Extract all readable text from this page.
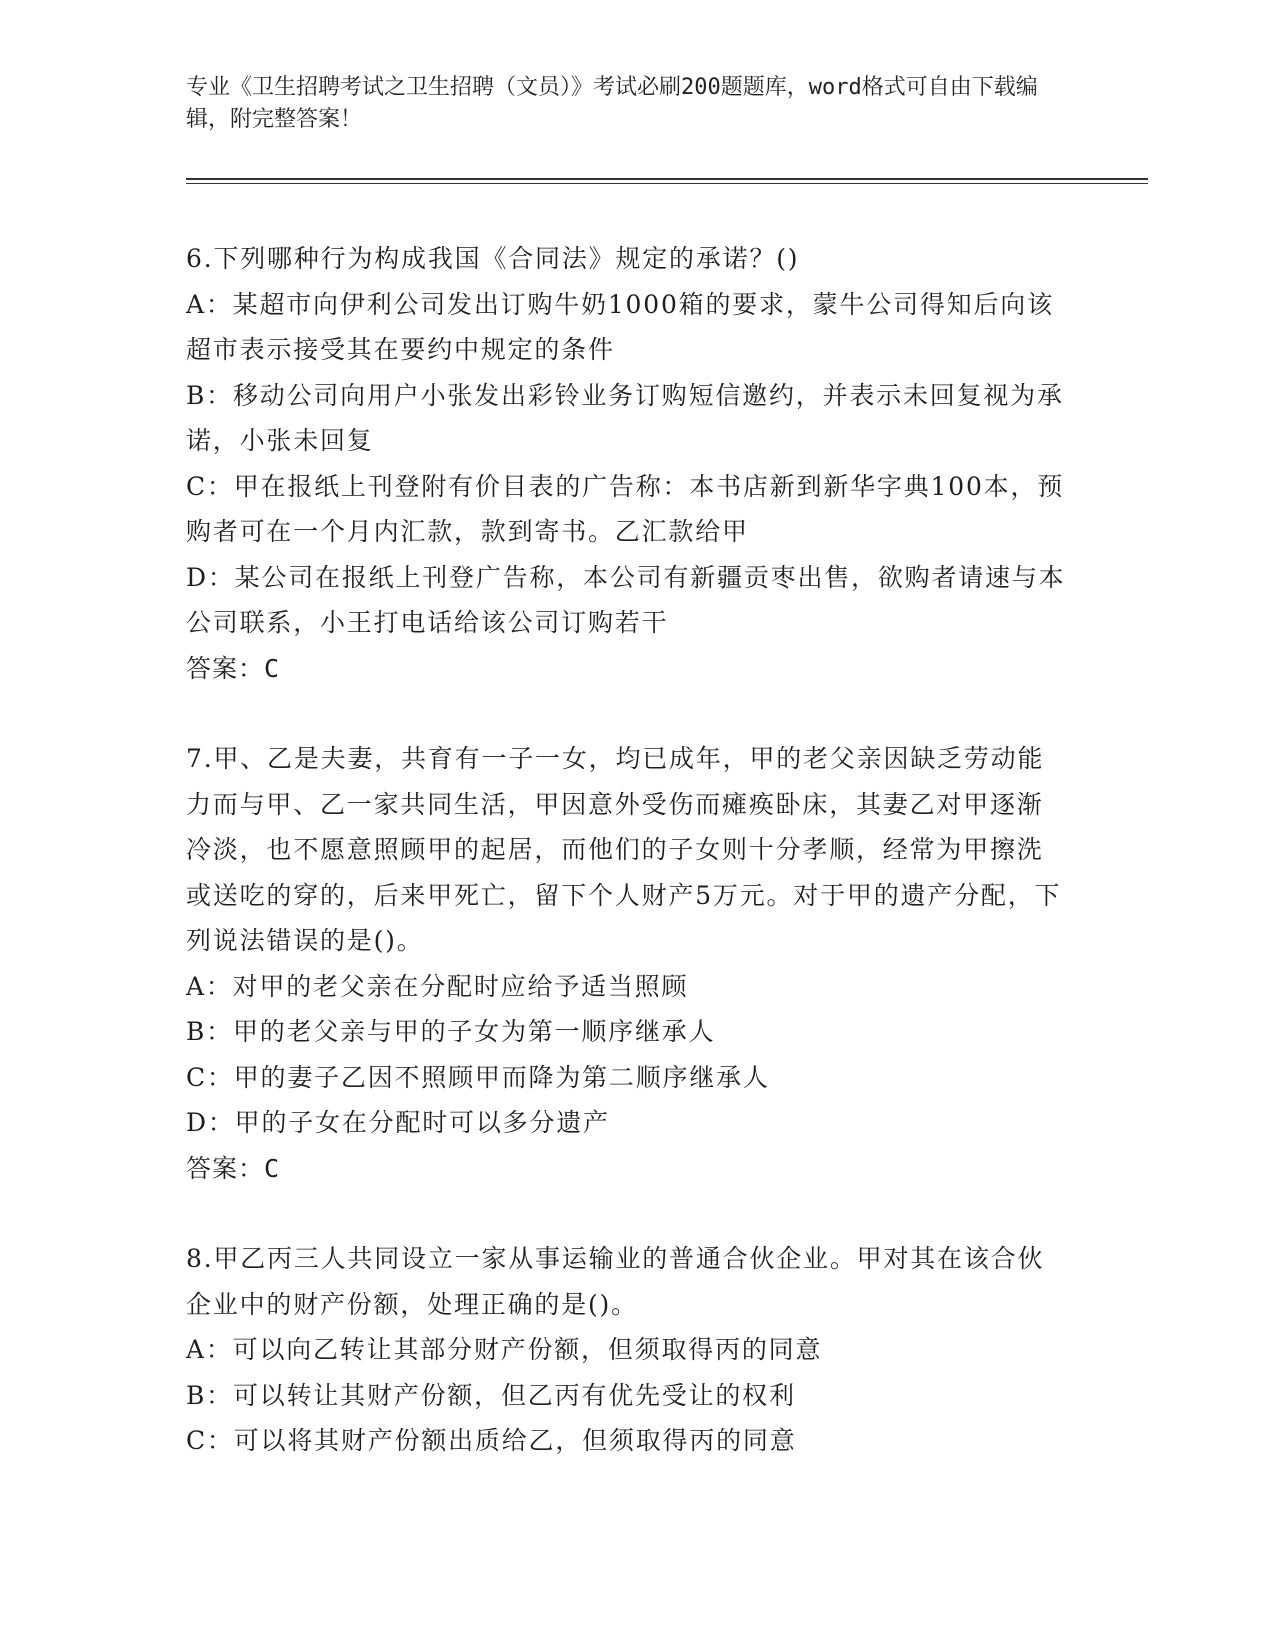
专业《卫生招聘考试之卫生招聘（文员）》考试必刷200题题库，word格式可自由下载编辑，附完整答案！

6.下列哪种行为构成我国《合同法》规定的承诺？()

A：某超市向伊利公司发出订购牛奶1000箱的要求，蒙牛公司得知后向该超市表示接受其在要约中规定的条件

B：移动公司向用户小张发出彩铃业务订购短信邀约，并表示未回复视为承诺，小张未回复

C：甲在报纸上刊登附有价目表的广告称：本书店新到新华字典100本，预购者可在一个月内汇款，款到寄书。乙汇款给甲

D：某公司在报纸上刊登广告称，本公司有新疆贡枣出售，欲购者请速与本公司联系，小王打电话给该公司订购若干

答案：C

7.甲、乙是夫妻，共育有一子一女，均已成年，甲的老父亲因缺乏劳动能力而与甲、乙一家共同生活，甲因意外受伤而瘫痪卧床，其妻乙对甲逐渐冷淡，也不愿意照顾甲的起居，而他们的子女则十分孝顺，经常为甲擦洗或送吃的穿的，后来甲死亡，留下个人财产5万元。对于甲的遗产分配，下列说法错误的是()。

A：对甲的老父亲在分配时应给予适当照顾

B：甲的老父亲与甲的子女为第一顺序继承人

C：甲的妻子乙因不照顾甲而降为第二顺序继承人

D：甲的子女在分配时可以多分遗产

答案：C

8.甲乙丙三人共同设立一家从事运输业的普通合伙企业。甲对其在该合伙企业中的财产份额，处理正确的是()。

A：可以向乙转让其部分财产份额，但须取得丙的同意

B：可以转让其财产份额，但乙丙有优先受让的权利

C：可以将其财产份额出质给乙，但须取得丙的同意
